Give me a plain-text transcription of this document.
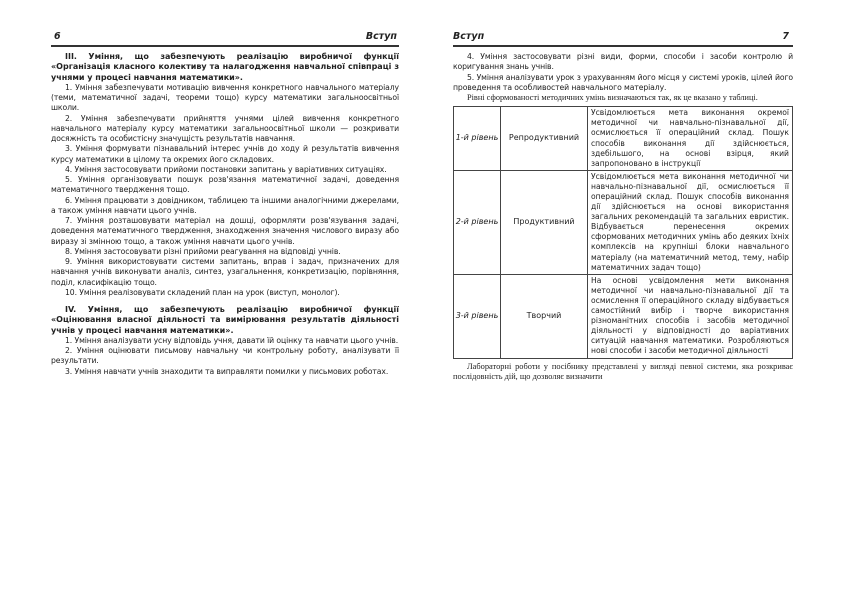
6	Вступ

III. Уміння, що забезпечують реалізацію виробничої функції «Організація класного колективу та налагодження навчальної співпраці з учнями у процесі навчання математики».

1. Уміння забезпечувати мотивацію вивчення конкретного навчального матеріалу (теми, математичної задачі, теореми тощо) курсу математики загальноосвітньої школи.

2. Уміння забезпечувати прийняття учнями цілей вивчення конкретного навчального матеріалу курсу математики загальноосвітньої школи — розкривати досяжність та особистісну значущість результатів навчання.

3. Уміння формувати пізнавальний інтерес учнів до ходу й результатів вивчення курсу математики в цілому та окремих його складових.

4. Уміння застосовувати прийоми постановки запитань у варіативних ситуаціях.

5. Уміння організовувати пошук розв'язання математичної задачі, доведення математичного твердження тощо.

6. Уміння працювати з довідником, таблицею та іншими аналогічними джерелами, а також уміння навчати цього учнів.

7. Уміння розташовувати матеріал на дошці, оформляти розв'язування задачі, доведення математичного твердження, знаходження значення числового виразу або виразу зі змінною тощо, а також уміння навчати цього учнів.

8. Уміння застосовувати різні прийоми реагування на відповіді учнів.

9. Уміння використовувати системи запитань, вправ і задач, призначених для навчання учнів виконувати аналіз, синтез, узагальнення, конкретизацію, порівняння, поділ, класифікацію тощо.

10. Уміння реалізовувати складений план на урок (виступ, монолог).

IV. Уміння, що забезпечують реалізацію виробничої функції «Оцінювання власної діяльності та вимірювання результатів діяльності учнів у процесі навчання математики».

1. Уміння аналізувати усну відповідь учня, давати їй оцінку та навчати цього учнів.

2. Уміння оцінювати письмову навчальну чи контрольну роботу, аналізувати її результати.

3. Уміння навчати учнів знаходити та виправляти помилки у письмових роботах.

Вступ	7

4. Уміння застосовувати різні види, форми, способи і засоби контролю й коригування знань учнів.

5. Уміння аналізувати урок з урахуванням його місця у системі уроків, цілей його проведення та особливостей навчального матеріалу.

Рівні сформованості методичних умінь визначаються так, як це вказано у таблиці.

1-й рівень	Репродуктивний	Усвідомлюється мета виконання окремої методичної чи навчально-пізнавальної дії, осмислюється її операційний склад. Пошук способів виконання дії здійснюється, здебільшого, на основі взірця, який запропоновано в інструкції
2-й рівень	Продуктивний	Усвідомлюється мета виконання методичної чи навчально-пізнавальної дії, осмислюється її операційний склад. Пошук способів виконання дії здійснюється на основі використання загальних рекомендацій та загальних евристик. Відбувається перенесення окремих сформованих методичних умінь або деяких їхніх комплексів на крупніші блоки навчального матеріалу (на математичний метод, тему, набір математичних задач тощо)
3-й рівень	Творчий	На основі усвідомлення мети виконання методичної чи навчально-пізнавальної дії та осмислення її операційного складу відбувається самостійний вибір і творче використання різноманітних способів і засобів методичної діяльності у відповідності до варіативних ситуацій навчання математики. Розробляються нові способи і засоби методичної діяльності

Лабораторні роботи у посібнику представлені у вигляді певної системи, яка розкриває послідовність дій, що дозволяє визначити
